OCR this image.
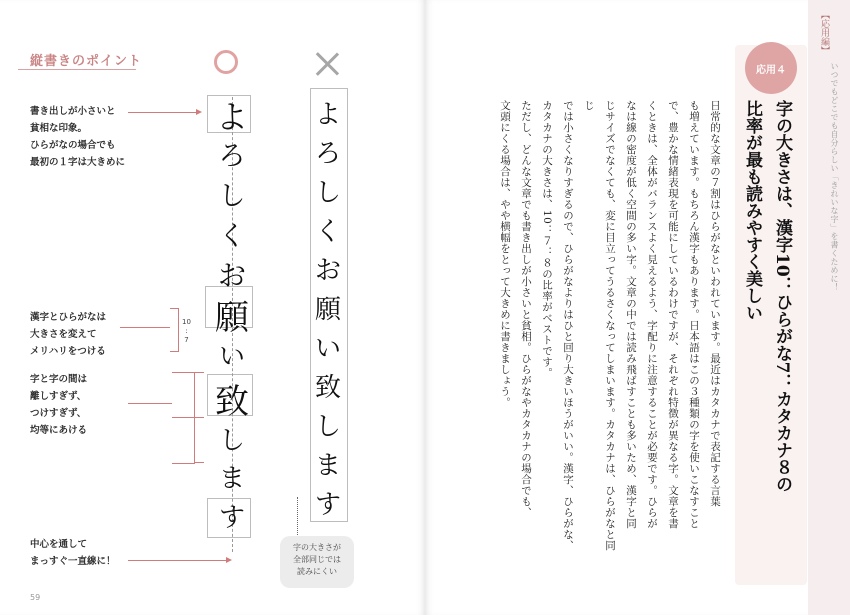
縦書きのポイント
書き出しが小さいと
貧相な印象。
ひらがなの場合でも
最初の１字は大きめに
漢字とひらがなは
大きさを変えて
メリハリをつける
10
:
7
字と字の間は
離しすぎず、
つけすぎず、
均等にあける
中心を通して
まっすぐ一直線に！
よ
ろ
し
く
お
願
い
致
し
ま
す
よ
ろ
し
く
お
願
い
致
し
ま
す
字の大きさが
全部同じでは
読みにくい
59
【応用編】
いつでもどこでも自分らしい「きれいな字」を書くために！
応用４
字の大きさは、漢字10：ひらがな7：カタカナ８の
比率が最も読みやすく美しい
日常的な文章の７割はひらがなといわれています。最近はカタカナで表記する言葉
も増えています。もちろん漢字もあります。日本語はこの３種類の字を使いこなすこと
で、豊かな情緒表現を可能にしているわけですが、それぞれ特徴が異なる字。文章を書
くときは、全体がバランスよく見えるよう、字配りに注意することが必要です。ひらが
なは線の密度が低く空間の多い字。文章の中では読み飛ばすことも多いため、漢字と同
じサイズでなくても、変に目立ってうるさくなってしまいます。カタカナは、ひらがなと同じ
では小さくなりすぎるので、ひらがなよりはひと回り大きいほうがいい。漢字、ひらがな、
カタカナの大きさは、10：７：８の比率がベストです。
ただし、どんな文章でも書き出しが小さいと貧相。ひらがなやカタカナの場合でも、
文頭にくる場合は、やや横幅をとって大きめに書きましょう。
